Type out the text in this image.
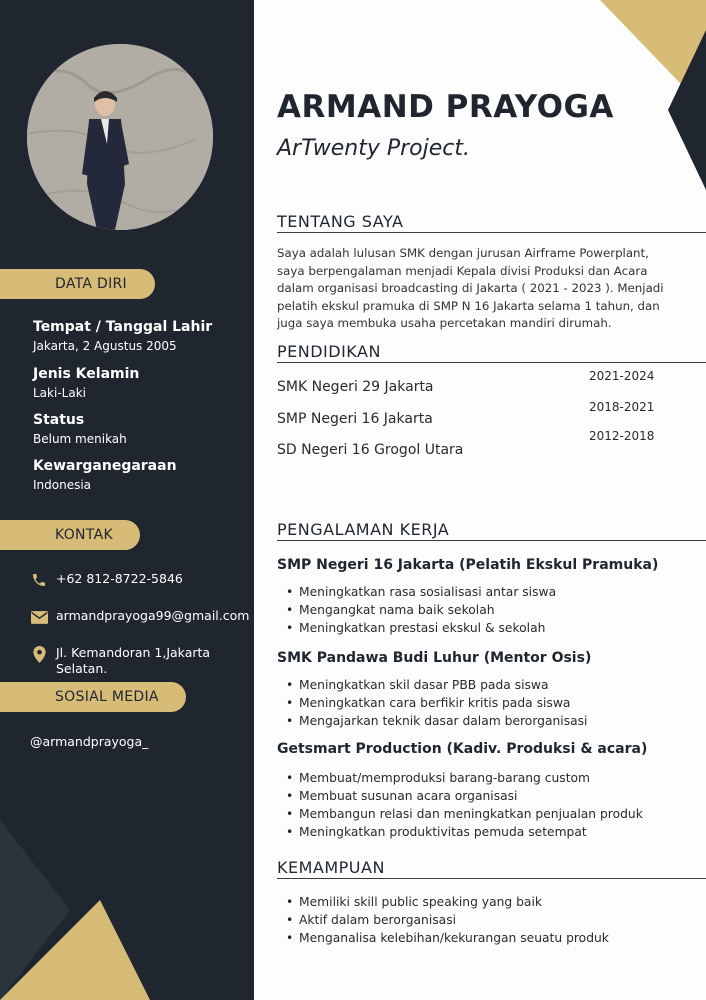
DATA DIRI
Tempat / Tanggal Lahir
Jakarta, 2 Agustus 2005
Jenis Kelamin
Laki-Laki
Status
Belum menikah
Kewarganegaraan
Indonesia
KONTAK
+62 812-8722-5846
armandprayoga99@gmail.com
Jl. Kemandoran 1,Jakarta
Selatan.
SOSIAL MEDIA
@armandprayoga_
ARMAND PRAYOGA
ArTwenty Project.
TENTANG SAYA
Saya adalah lulusan SMK dengan jurusan Airframe Powerplant,
saya berpengalaman menjadi Kepala divisi Produksi dan Acara
dalam organisasi broadcasting di Jakarta ( 2021 - 2023 ). Menjadi
pelatih ekskul pramuka di SMP N 16 Jakarta selama 1 tahun, dan
juga saya membuka usaha percetakan mandiri dirumah.
PENDIDIKAN
SMK Negeri 29 Jakarta
SMP Negeri 16 Jakarta
SD Negeri 16 Grogol Utara
2021-2024
2018-2021
2012-2018
PENGALAMAN KERJA
SMP Negeri 16 Jakarta (Pelatih Ekskul Pramuka)
• Meningkatkan rasa sosialisasi antar siswa
• Mengangkat nama baik sekolah
• Meningkatkan prestasi ekskul & sekolah
SMK Pandawa Budi Luhur (Mentor Osis)
• Meningkatkan skil dasar PBB pada siswa
• Meningkatkan cara berfikir kritis pada siswa
• Mengajarkan teknik dasar dalam berorganisasi
Getsmart Production (Kadiv. Produksi & acara)
• Membuat/memproduksi barang-barang custom
• Membuat susunan acara organisasi
• Membangun relasi dan meningkatkan penjualan produk
• Meningkatkan produktivitas pemuda setempat
KEMAMPUAN
• Memiliki skill public speaking yang baik
• Aktif dalam berorganisasi
• Menganalisa kelebihan/kekurangan seuatu produk
